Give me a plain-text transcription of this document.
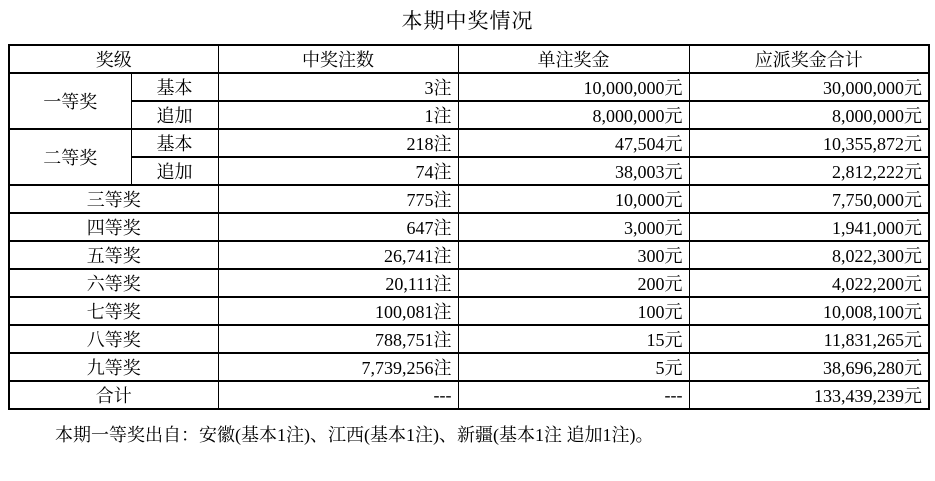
本期中奖情况
奖级		中奖注数	单注奖金	应派奖金合计
一等奖	基本	3注	10,000,000元	30,000,000元
	追加	1注	8,000,000元	8,000,000元
二等奖	基本	218注	47,504元	10,355,872元
	追加	74注	38,003元	2,812,222元
三等奖		775注	10,000元	7,750,000元
四等奖		647注	3,000元	1,941,000元
五等奖		26,741注	300元	8,022,300元
六等奖		20,111注	200元	4,022,200元
七等奖		100,081注	100元	10,008,100元
八等奖		788,751注	15元	11,831,265元
九等奖		7,739,256注	5元	38,696,280元
合计		---	---	133,439,239元
本期一等奖出自：安徽(基本1注)、江西(基本1注)、新疆(基本1注 追加1注)。
